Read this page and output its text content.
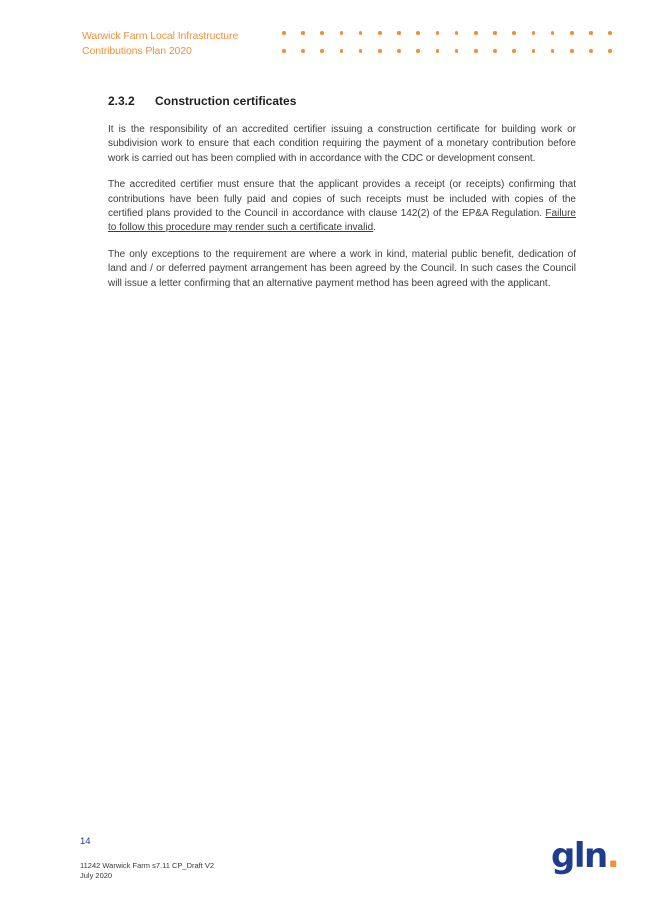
Warwick Farm Local Infrastructure
Contributions Plan 2020
2.3.2	Construction certificates

It is the responsibility of an accredited certifier issuing a construction certificate for building work or subdivision work to ensure that each condition requiring the payment of a monetary contribution before work is carried out has been complied with in accordance with the CDC or development consent.

The accredited certifier must ensure that the applicant provides a receipt (or receipts) confirming that contributions have been fully paid and copies of such receipts must be included with copies of the certified plans provided to the Council in accordance with clause 142(2) of the EP&A Regulation. Failure to follow this procedure may render such a certificate invalid.

The only exceptions to the requirement are where a work in kind, material public benefit, dedication of land and / or deferred payment arrangement has been agreed by the Council. In such cases the Council will issue a letter confirming that an alternative payment method has been agreed with the applicant.

14
11242 Warwick Farm s7.11 CP_Draft V2
July 2020	gln.
